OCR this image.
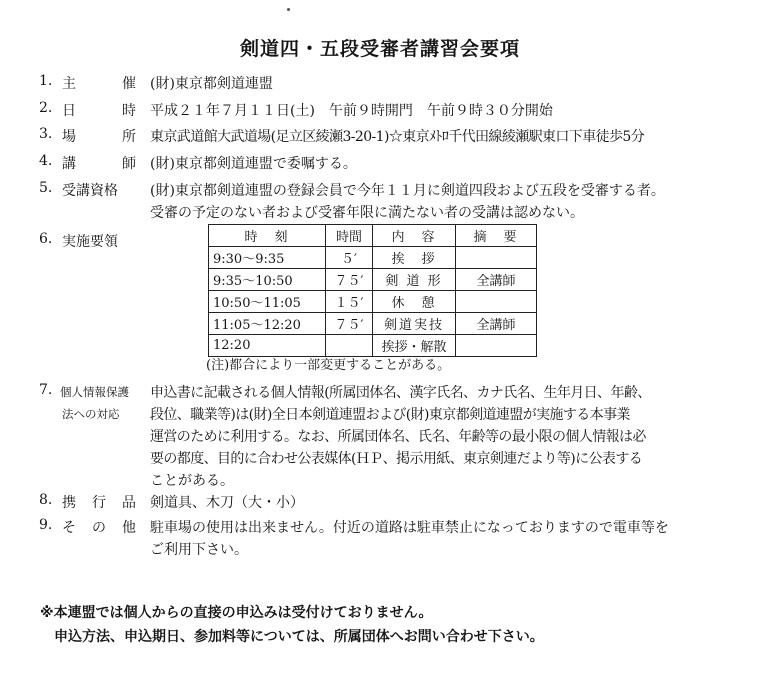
剣道四・五段受審者講習会要項
1. 主	催 (財)東京都剣道連盟
2. 日	時 平成２１年７月１１日(土)　午前９時開門　午前９時３０分開始
3. 場	所 東京武道館大武道場(足立区綾瀬3-20-1)☆東京ﾒﾄﾛ千代田線綾瀬駅東口下車徒歩5分
4. 講	師 (財)東京都剣道連盟で委嘱する。
5. 受講資格 (財)東京都剣道連盟の登録会員で今年１１月に剣道四段および五段を受審する者。
受審の予定のない者および受審年限に満たない者の受講は認めない。
6. 実施要領	時　刻	時間	内　容	摘　要
9:30〜9:35	５′	挨　拶	
9:35〜10:50	７５′	剣 道 形	全講師
10:50〜11:05	１５′	休　憩	
11:05〜12:20	７５′	剣道実技	全講師
12:20		挨拶・解散	
(注)都合により一部変更することがある。
7. 個人情報保護
法への対応
申込書に記載される個人情報(所属団体名、漢字氏名、カナ氏名、生年月日、年齢、
段位、職業等)は(財)全日本剣道連盟および(財)東京都剣道連盟が実施する本事業
運営のために利用する。なお、所属団体名、氏名、年齢等の最小限の個人情報は必
要の都度、目的に合わせ公表媒体(ＨＰ、掲示用紙、東京剣連だより等)に公表する
ことがある。
8. 携 行 品 剣道具、木刀（大・小）
9. そ の 他 駐車場の使用は出来ません。付近の道路は駐車禁止になっておりますので電車等を
ご利用下さい。
※本連盟では個人からの直接の申込みは受付けておりません。
申込方法、申込期日、参加料等については、所属団体へお問い合わせ下さい。
